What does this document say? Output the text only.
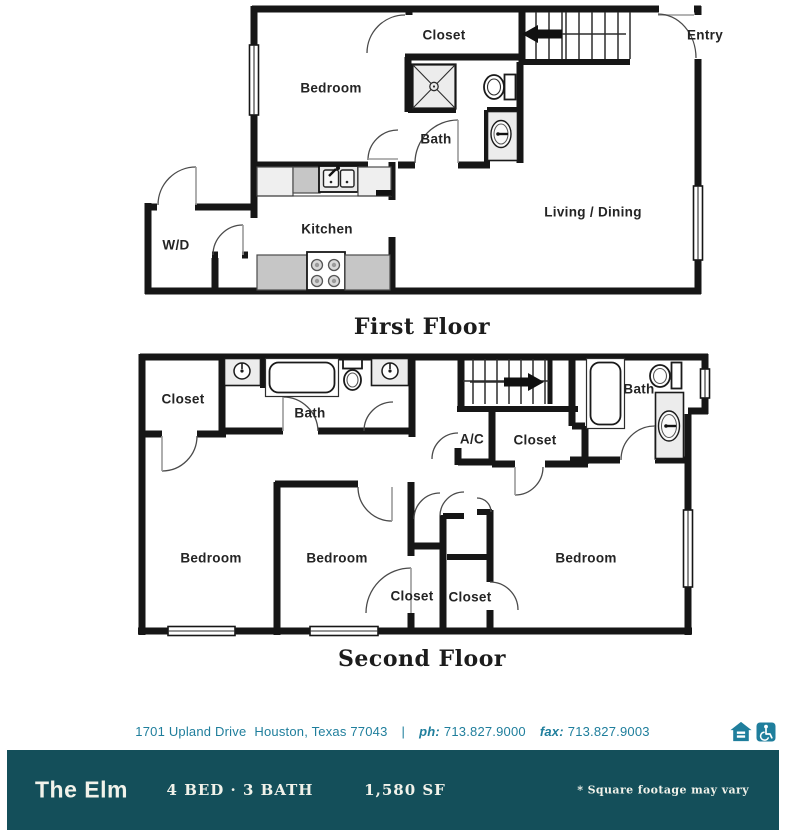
Closet	Entry
Bedroom
Bath
Kitchen
W/D
Living / Dining
First Floor
Closet
Bath
A/C Closet
Bath
Bedroom	Bedroom	Bedroom
Closet Closet
Second Floor
1701 Upland Drive Houston, Texas 77043 | ph: 713.827.9000 fax: 713.827.9003
The Elm	4 BED · 3 BATH	1,580 SF	* Square footage may vary
